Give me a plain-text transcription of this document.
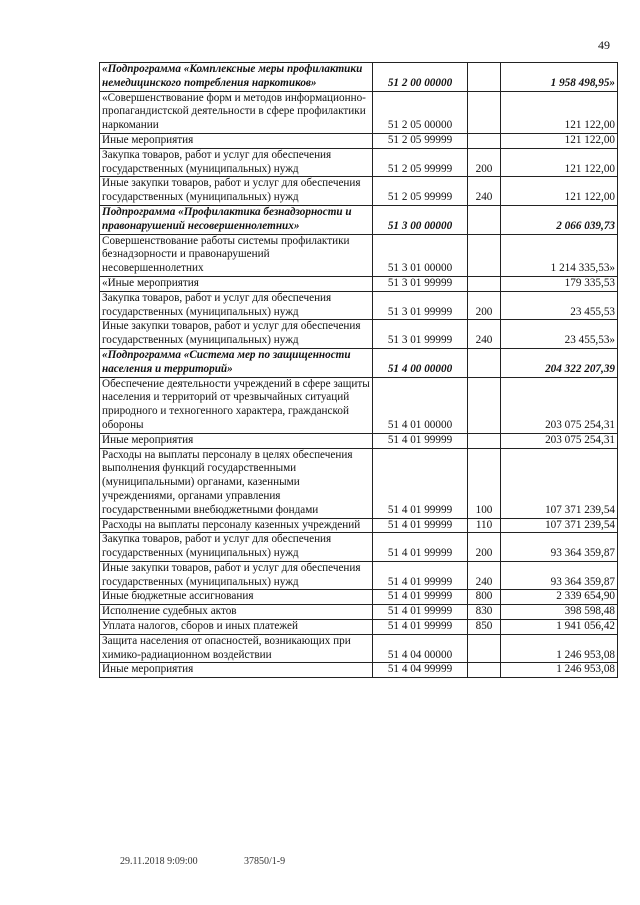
49
«Подпрограмма «Комплексные меры профилактики немедицинского потребления наркотиков»	51 2 00 00000		1 958 498,95»
«Совершенствование форм и методов информационно-пропагандистской деятельности в сфере профилактики наркомании	51 2 05 00000		121 122,00
Иные мероприятия	51 2 05 99999		121 122,00
Закупка товаров, работ и услуг для обеспечения государственных (муниципальных) нужд	51 2 05 99999	200	121 122,00
Иные закупки товаров, работ и услуг для обеспечения государственных (муниципальных) нужд	51 2 05 99999	240	121 122,00
Подпрограмма «Профилактика безнадзорности и правонарушений несовершеннолетних»	51 3 00 00000		2 066 039,73
Совершенствование работы системы профилактики безнадзорности и правонарушений несовершеннолетних	51 3 01 00000		1 214 335,53»
«Иные мероприятия	51 3 01 99999		179 335,53
Закупка товаров, работ и услуг для обеспечения государственных (муниципальных) нужд	51 3 01 99999	200	23 455,53
Иные закупки товаров, работ и услуг для обеспечения государственных (муниципальных) нужд	51 3 01 99999	240	23 455,53»
«Подпрограмма «Система мер по защищенности населения и территорий»	51 4 00 00000		204 322 207,39
Обеспечение деятельности учреждений в сфере защиты населения и территорий от чрезвычайных ситуаций природного и техногенного характера, гражданской обороны	51 4 01 00000		203 075 254,31
Иные мероприятия	51 4 01 99999		203 075 254,31
Расходы на выплаты персоналу в целях обеспечения выполнения функций государственными (муниципальными) органами, казенными учреждениями, органами управления государственными внебюджетными фондами	51 4 01 99999	100	107 371 239,54
Расходы на выплаты персоналу казенных учреждений	51 4 01 99999	110	107 371 239,54
Закупка товаров, работ и услуг для обеспечения государственных (муниципальных) нужд	51 4 01 99999	200	93 364 359,87
Иные закупки товаров, работ и услуг для обеспечения государственных (муниципальных) нужд	51 4 01 99999	240	93 364 359,87
Иные бюджетные ассигнования	51 4 01 99999	800	2 339 654,90
Исполнение судебных актов	51 4 01 99999	830	398 598,48
Уплата налогов, сборов и иных платежей	51 4 01 99999	850	1 941 056,42
Защита населения от опасностей, возникающих при химико-радиационном воздействии	51 4 04 00000		1 246 953,08
Иные мероприятия	51 4 04 99999		1 246 953,08
29.11.2018 9:09:00	37850/1-9
